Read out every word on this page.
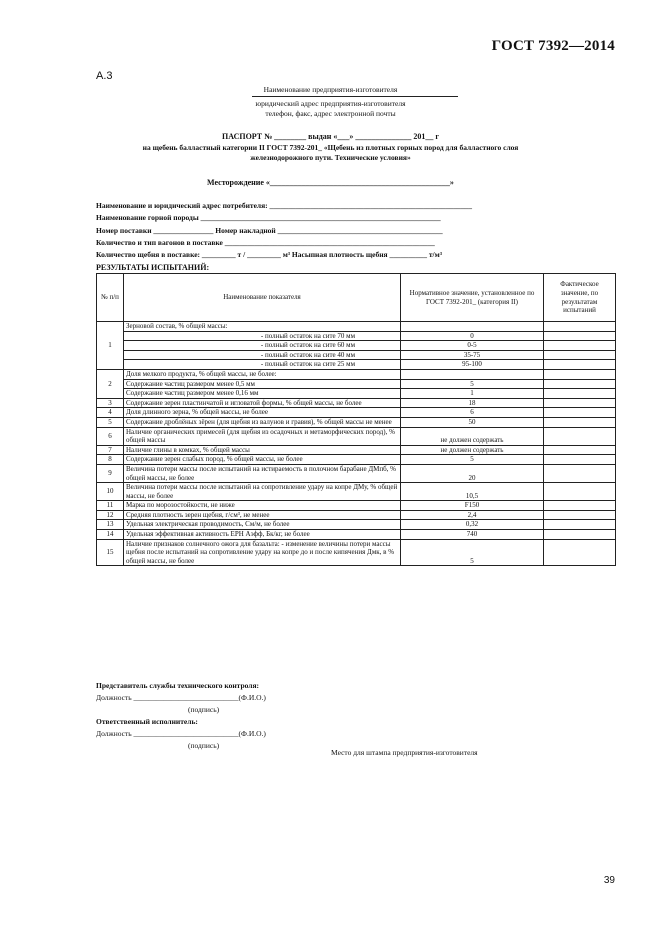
ГОСТ 7392—2014
А.3
Наименование предприятия-изготовителя
юридический адрес предприятия-изготовителя
телефон, факс, адрес электронной почты
ПАСПОРТ № ________ выдан «___» ______________ 201__ г
на щебень балластный категории II ГОСТ 7392-201_ «Щебень из плотных горных пород для балластного слоя
железнодорожного пути. Технические условия»
Месторождение «_____________________________________________»
Наименование и юридический адрес потребителя: ______________________________________________________
Наименование горной породы ________________________________________________________________
Номер поставки ________________ Номер накладной ____________________________________________
Количество и тип вагонов в поставке ________________________________________________________
Количество щебня в поставке: _________ т / _________ м³ Насыпная плотность щебня __________ т/м³
РЕЗУЛЬТАТЫ ИСПЫТАНИЙ:
№ п/п	Наименование показателя	Нормативное значение, установленное по ГОСТ 7392-201_ (категория II)	Фактическое значение, по результатам испытаний
1	Зерновой состав, % общей массы:		
	- полный остаток на сите 70 мм	0	
	- полный остаток на сите 60 мм	0-5	
	- полный остаток на сите 40 мм	35-75	
	- полный остаток на сите 25 мм	95-100	
2	Доля мелкого продукта, % общей массы, не более:		
	Содержание частиц размером менее 0,5 мм	5	
	Содержание частиц размером менее 0,16 мм	1	
3	Содержание зерен пластинчатой и игловатой формы, % общей массы, не более	18	
4	Доля длинного зерна, % общей массы, не более	6	
5	Содержание дроблёных зёрен (для щебня из валунов и гравия), % общей массы не менее	50	
6	Наличие органических примесей (для щебня из осадочных и метаморфических пород), % общей массы	не должен содержать	
7	Наличие глины в комках, % общей массы	не должен содержать	
8	Содержание зерен слабых пород, % общей массы, не более	5	
9	Величина потери массы после испытаний на истираемость в полочном барабане ДМпб, % общей массы, не более	20	
10	Величина потери массы после испытаний на сопротивление удару на копре ДМу, % общей массы, не более	10,5	
11	Марка по морозостойкости, не ниже	F150	
12	Средняя плотность зерен щебня, г/см³, не менее	2,4	
13	Удельная электрическая проводимость, См/м, не более	0,32	
14	Удельная эффективная активность ЕРН Аэфф, Бк/кг, не более	740	
15	Наличие признаков солнечного ожога для базальта: - изменение величины потери массы щебня после испытаний на сопротивление удару на копре до и после кипячения Дмк, в % общей массы, не более	5	
Представитель службы технического контроля:
Должность ____________________________(Ф.И.О.)
(подпись)
Ответственный исполнитель:
Должность ____________________________(Ф.И.О.)
(подпись)
Место для штампа предприятия-изготовителя
39
